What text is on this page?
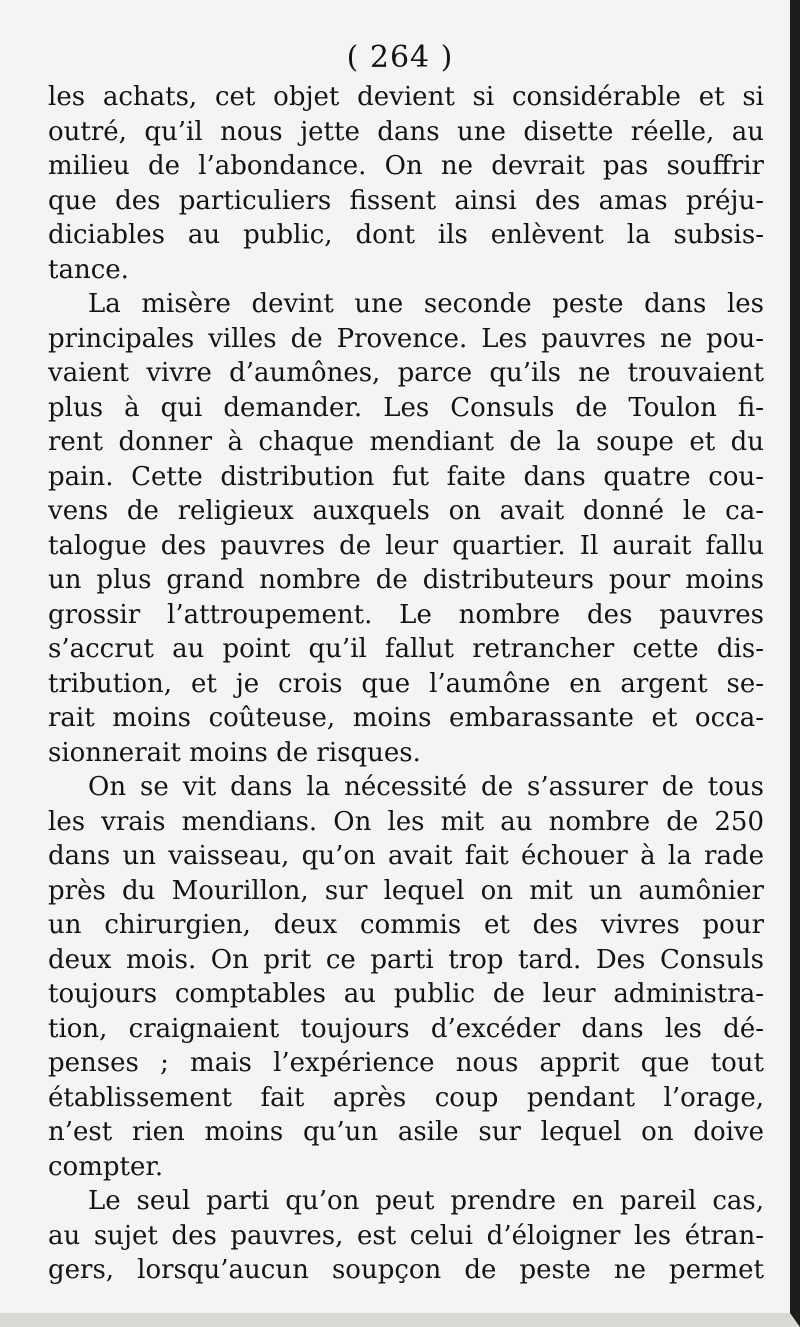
( 264 )
les achats, cet objet devient si considérable et si
outré, qu’il nous jette dans une disette réelle, au
milieu de l’abondance. On ne devrait pas souffrir
que des particuliers fissent ainsi des amas préju-
diciables au public, dont ils enlèvent la subsis-
tance.
La misère devint une seconde peste dans les
principales villes de Provence. Les pauvres ne pou-
vaient vivre d’aumônes, parce qu’ils ne trouvaient
plus à qui demander. Les Consuls de Toulon fi-
rent donner à chaque mendiant de la soupe et du
pain. Cette distribution fut faite dans quatre cou-
vens de religieux auxquels on avait donné le ca-
talogue des pauvres de leur quartier. Il aurait fallu
un plus grand nombre de distributeurs pour moins
grossir l’attroupement. Le nombre des pauvres
s’accrut au point qu’il fallut retrancher cette dis-
tribution, et je crois que l’aumône en argent se-
rait moins coûteuse, moins embarassante et occa-
sionnerait moins de risques.
On se vit dans la nécessité de s’assurer de tous
les vrais mendians. On les mit au nombre de 250
dans un vaisseau, qu’on avait fait échouer à la rade
près du Mourillon, sur lequel on mit un aumônier
un chirurgien, deux commis et des vivres pour
deux mois. On prit ce parti trop tard. Des Consuls
toujours comptables au public de leur administra-
tion, craignaient toujours d’excéder dans les dé-
penses ; mais l’expérience nous apprit que tout
établissement fait après coup pendant l’orage,
n’est rien moins qu’un asile sur lequel on doive
compter.
Le seul parti qu’on peut prendre en pareil cas,
au sujet des pauvres, est celui d’éloigner les étran-
gers, lorsqu’aucun soupçon de peste ne permet
